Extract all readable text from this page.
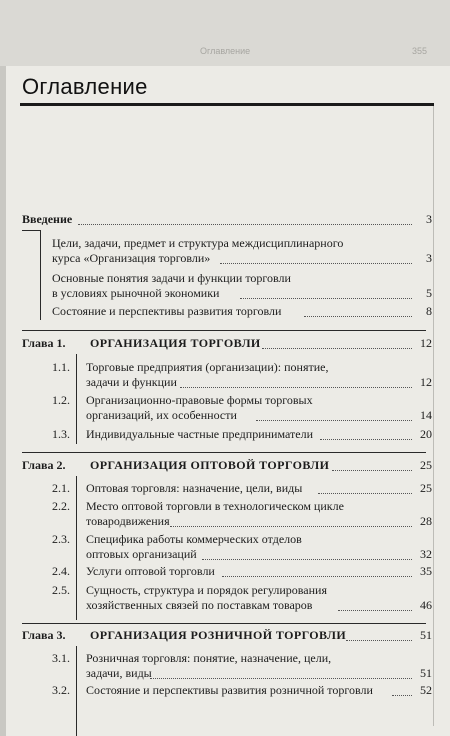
Оглавление	355

Оглавление
Введение	3
Цели, задачи, предмет и структура междисциплинарного
курса «Организация торговли»	3
Основные понятия задачи и функции торговли
в условиях рыночной экономики	5
Состояние и перспективы развития торговли	8
Глава 1. ОРГАНИЗАЦИЯ ТОРГОВЛИ	12
1.1. Торговые предприятия (организации): понятие,
задачи и функции	12
1.2. Организационно-правовые формы торговых
организаций, их особенности	14
1.3. Индивидуальные частные предприниматели	20
Глава 2. ОРГАНИЗАЦИЯ ОПТОВОЙ ТОРГОВЛИ	25
2.1. Оптовая торговля: назначение, цели, виды	25
2.2. Место оптовой торговли в технологическом цикле
товародвижения	28
2.3. Специфика работы коммерческих отделов
оптовых организаций	32
2.4. Услуги оптовой торговли	35
2.5. Сущность, структура и порядок регулирования
хозяйственных связей по поставкам товаров	46
Глава 3. ОРГАНИЗАЦИЯ РОЗНИЧНОЙ ТОРГОВЛИ	51
3.1. Розничная торговля: понятие, назначение, цели,
задачи, виды	51
3.2. Состояние и перспективы развития розничной торговли	52
